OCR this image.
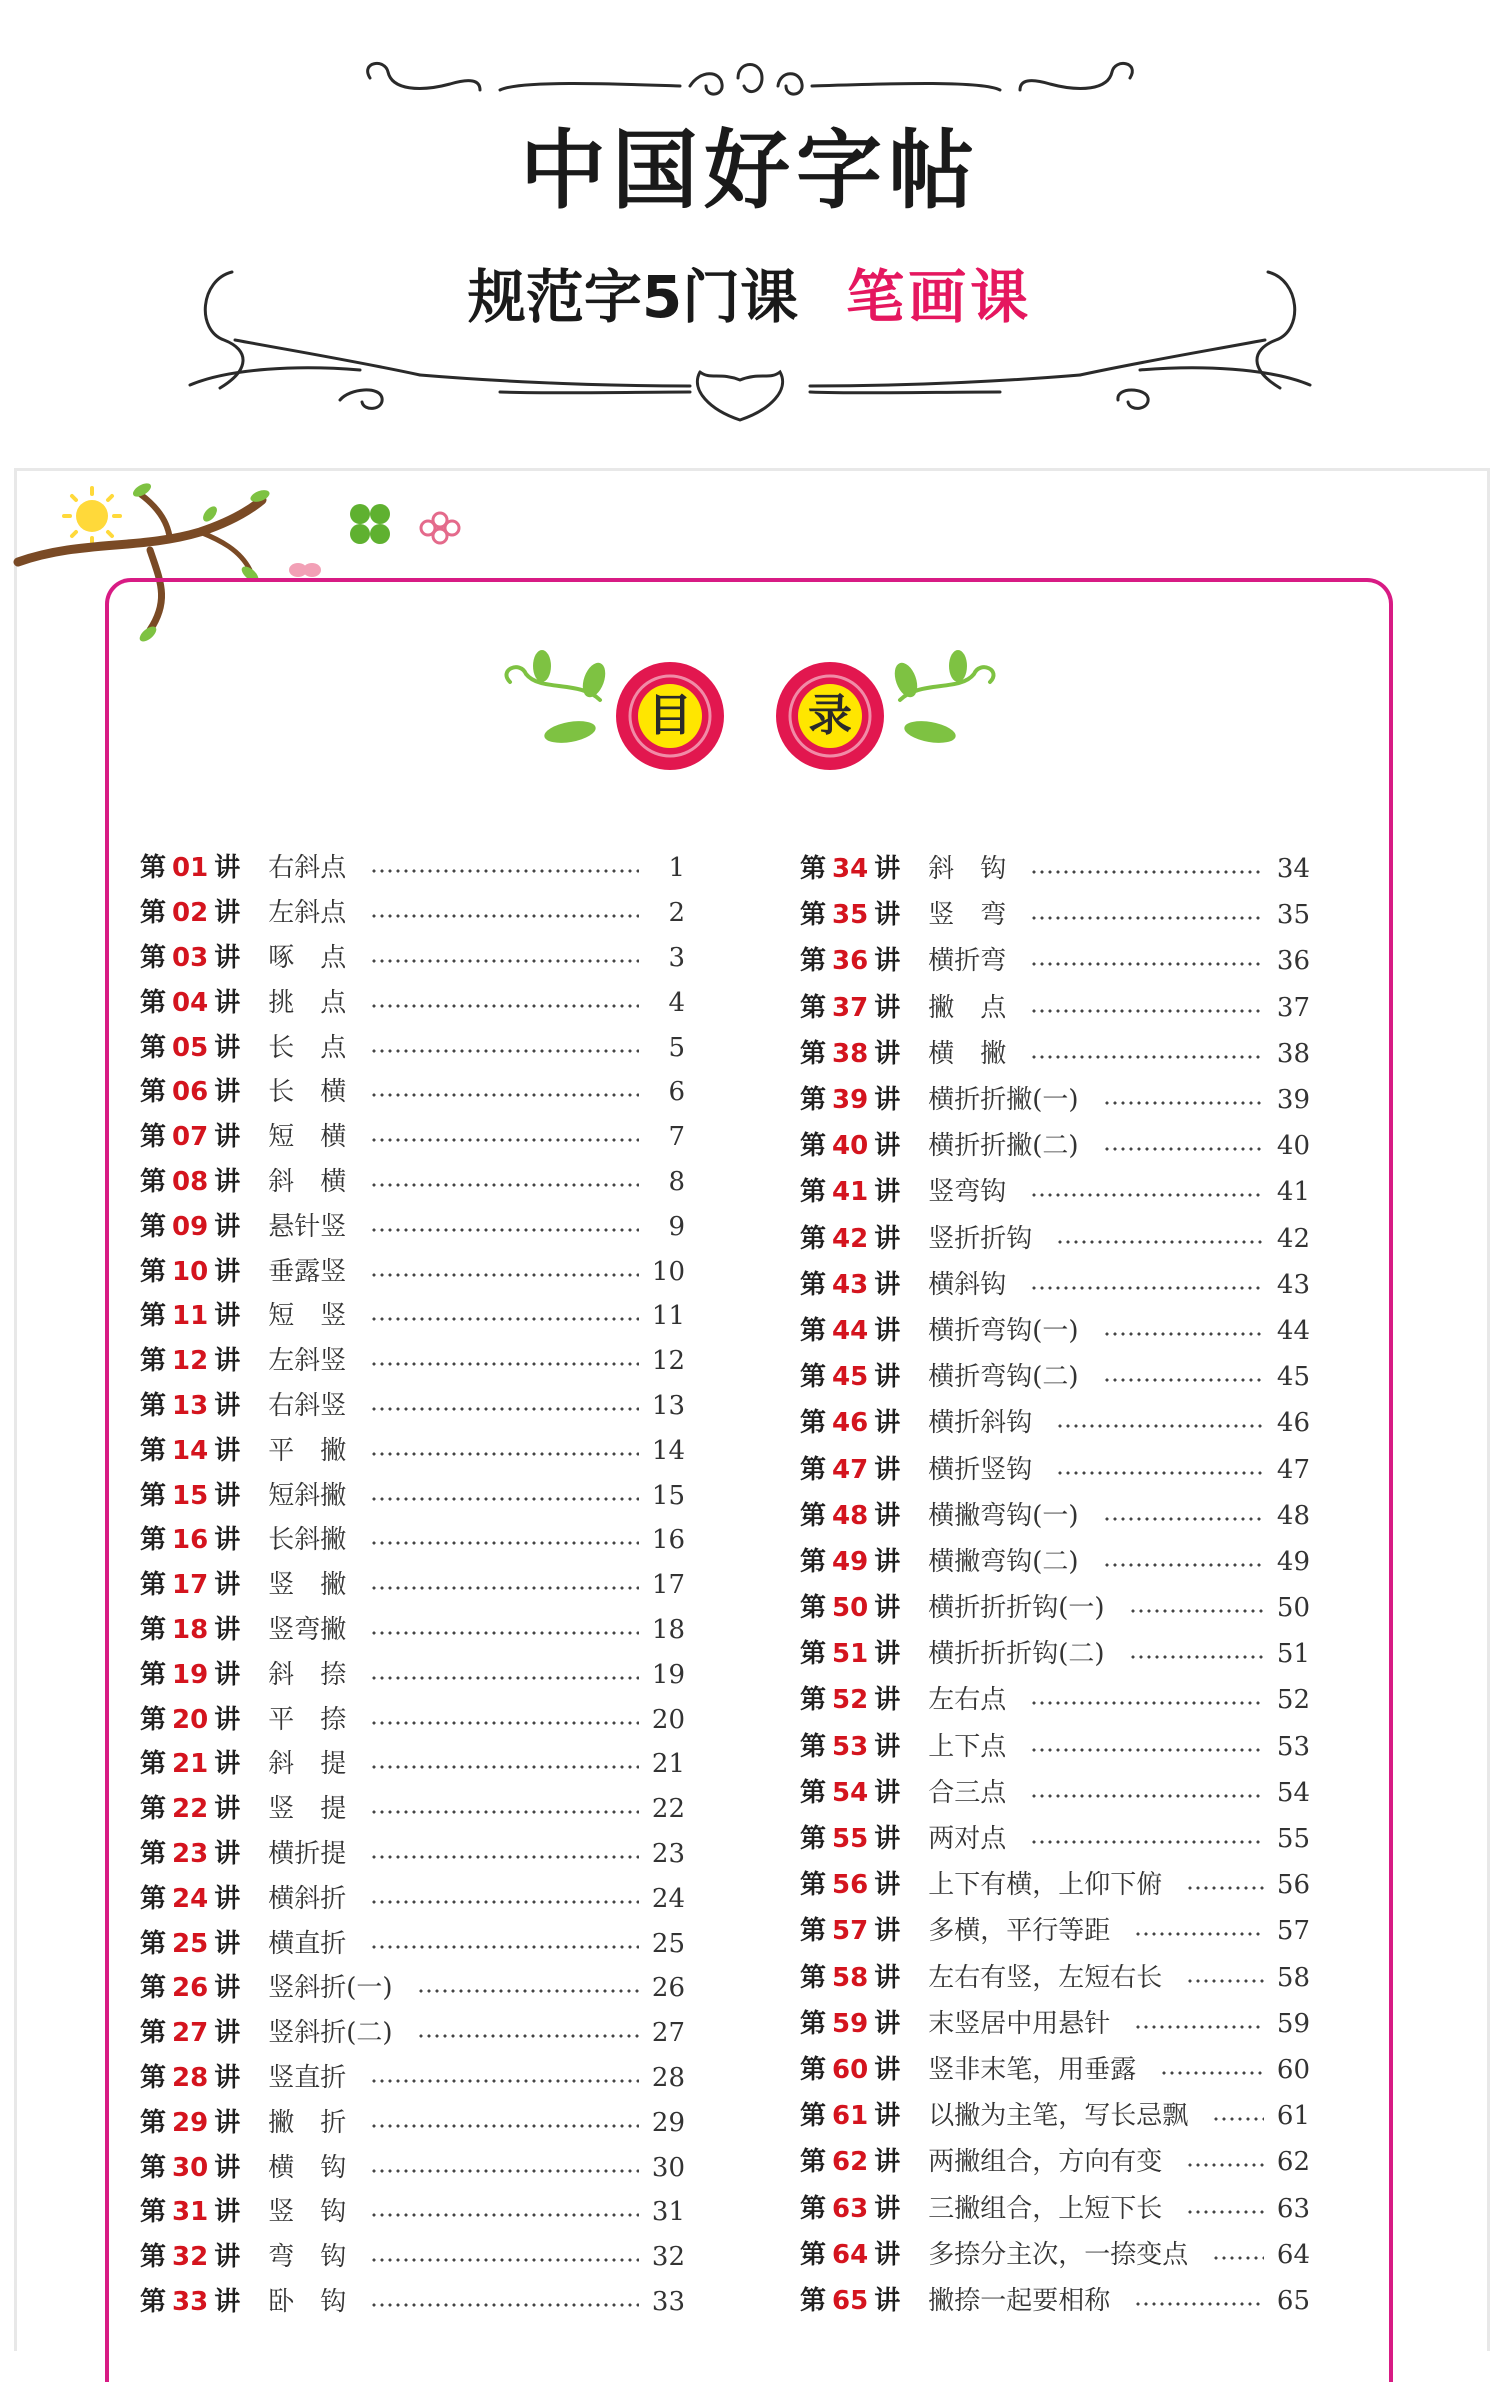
中国好字帖
规范字5门课 笔画课
目	录
第 01 讲 右斜点	1
第 02 讲 左斜点	2
第 03 讲 啄　点	3
第 04 讲 挑　点	4
第 05 讲 长　点	5
第 06 讲 长　横	6
第 07 讲 短　横	7
第 08 讲 斜　横	8
第 09 讲 悬针竖	9
第 10 讲 垂露竖	10
第 11 讲 短　竖	11
第 12 讲 左斜竖	12
第 13 讲 右斜竖	13
第 14 讲 平　撇	14
第 15 讲 短斜撇	15
第 16 讲 长斜撇	16
第 17 讲 竖　撇	17
第 18 讲 竖弯撇	18
第 19 讲 斜　捺	19
第 20 讲 平　捺	20
第 21 讲 斜　提	21
第 22 讲 竖　提	22
第 23 讲 横折提	23
第 24 讲 横斜折	24
第 25 讲 横直折	25
第 26 讲 竖斜折(一)	26
第 27 讲 竖斜折(二)	27
第 28 讲 竖直折	28
第 29 讲 撇　折	29
第 30 讲 横　钩	30
第 31 讲 竖　钩	31
第 32 讲 弯　钩	32
第 33 讲 卧　钩	33
第 34 讲 斜　钩	34
第 35 讲 竖　弯	35
第 36 讲 横折弯	36
第 37 讲 撇　点	37
第 38 讲 横　撇	38
第 39 讲 横折折撇(一)	39
第 40 讲 横折折撇(二)	40
第 41 讲 竖弯钩	41
第 42 讲 竖折折钩	42
第 43 讲 横斜钩	43
第 44 讲 横折弯钩(一)	44
第 45 讲 横折弯钩(二)	45
第 46 讲 横折斜钩	46
第 47 讲 横折竖钩	47
第 48 讲 横撇弯钩(一)	48
第 49 讲 横撇弯钩(二)	49
第 50 讲 横折折折钩(一)	50
第 51 讲 横折折折钩(二)	51
第 52 讲 左右点	52
第 53 讲 上下点	53
第 54 讲 合三点	54
第 55 讲 两对点	55
第 56 讲 上下有横，上仰下俯	56
第 57 讲 多横，平行等距	57
第 58 讲 左右有竖，左短右长	58
第 59 讲 末竖居中用悬针	59
第 60 讲 竖非末笔，用垂露	60
第 61 讲 以撇为主笔，写长忌飘	61
第 62 讲 两撇组合，方向有变	62
第 63 讲 三撇组合，上短下长	63
第 64 讲 多捺分主次，一捺变点	64
第 65 讲 撇捺一起要相称	65
